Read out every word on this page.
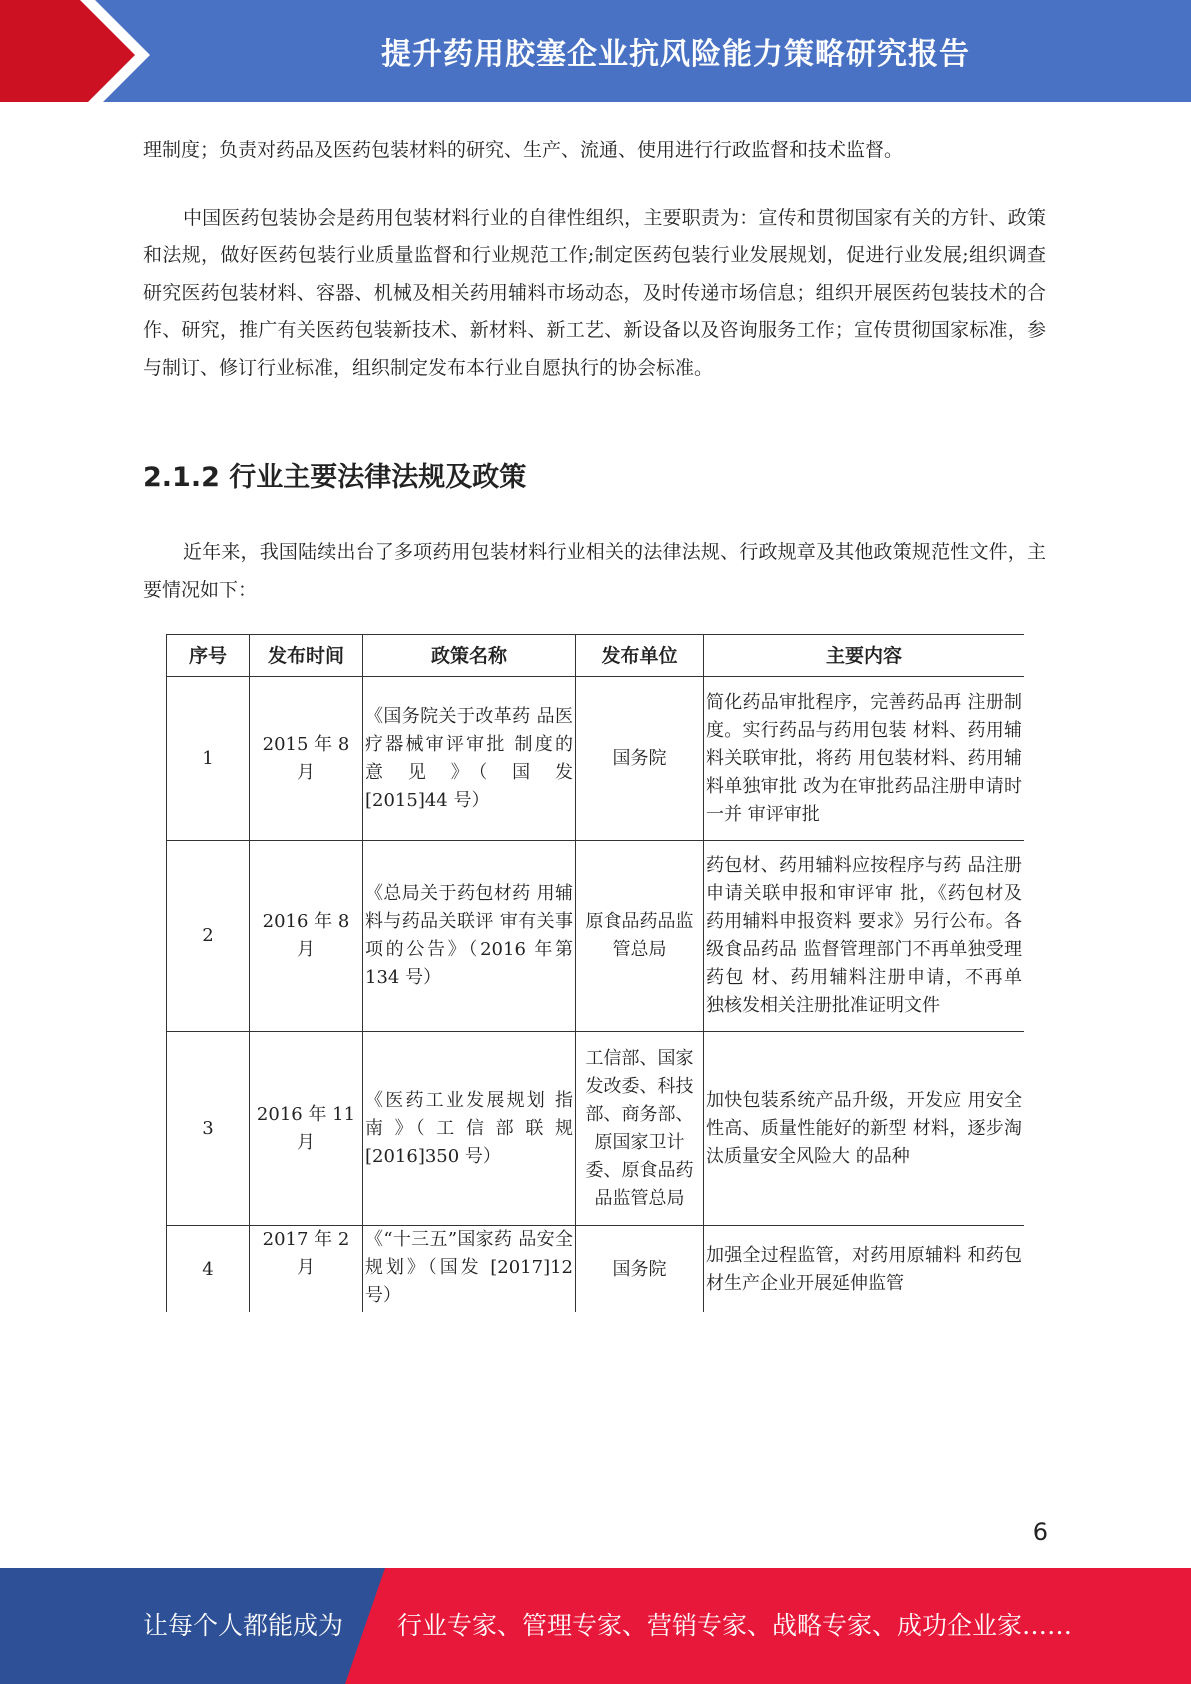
提升药用胶塞企业抗风险能力策略研究报告

理制度；负责对药品及医药包装材料的研究、生产、流通、使用进行行政监督和技术监督。

中国医药包装协会是药用包装材料行业的自律性组织，主要职责为：宣传和贯彻国家有关的方针、政策和法规，做好医药包装行业质量监督和行业规范工作;制定医药包装行业发展规划，促进行业发展;组织调查研究医药包装材料、容器、机械及相关药用辅料市场动态，及时传递市场信息；组织开展医药包装技术的合作、研究，推广有关医药包装新技术、新材料、新工艺、新设备以及咨询服务工作；宣传贯彻国家标准，参与制订、修订行业标准，组织制定发布本行业自愿执行的协会标准。

2.1.2 行业主要法律法规及政策

近年来，我国陆续出台了多项药用包装材料行业相关的法律法规、行政规章及其他政策规范性文件，主要情况如下：

序号	发布时间	政策名称	发布单位	主要内容
1	2015 年 8 月	《国务院关于改革药 品医疗器械审评审批 制度的 意 见 》（ 国 发 [2015]44 号）	国务院	简化药品审批程序，完善药品再 注册制度。实行药品与药用包装 材料、药用辅料关联审批，将药 用包装材料、药用辅料单独审批 改为在审批药品注册申请时一并 审评审批
2	2016 年 8 月	《总局关于药包材药 用辅料与药品关联评 审有关事项的公告》（2016 年第 134 号）	原食品药品监管总局	药包材、药用辅料应按程序与药 品注册申请关联申报和审评审 批，《药包材及药用辅料申报资料 要求》另行公布。各级食品药品 监督管理部门不再单独受理药包 材、药用辅料注册申请，不再单 独核发相关注册批准证明文件
3	2016 年 11 月	《医药工业发展规划 指 南 》（ 工 信 部 联 规 [2016]350 号）	工信部、国家发改委、科技部、商务部、原国家卫计委、原食品药品监管总局	加快包装系统产品升级，开发应 用安全性高、质量性能好的新型 材料，逐步淘汰质量安全风险大 的品种
4	2017 年 2 月	《“十三五”国家药 品安全规划》（国发 [2017]12 号）	国务院	加强全过程监管，对药用原辅料 和药包材生产企业开展延伸监管
6
让每个人都能成为 行业专家、管理专家、营销专家、战略专家、成功企业家……
